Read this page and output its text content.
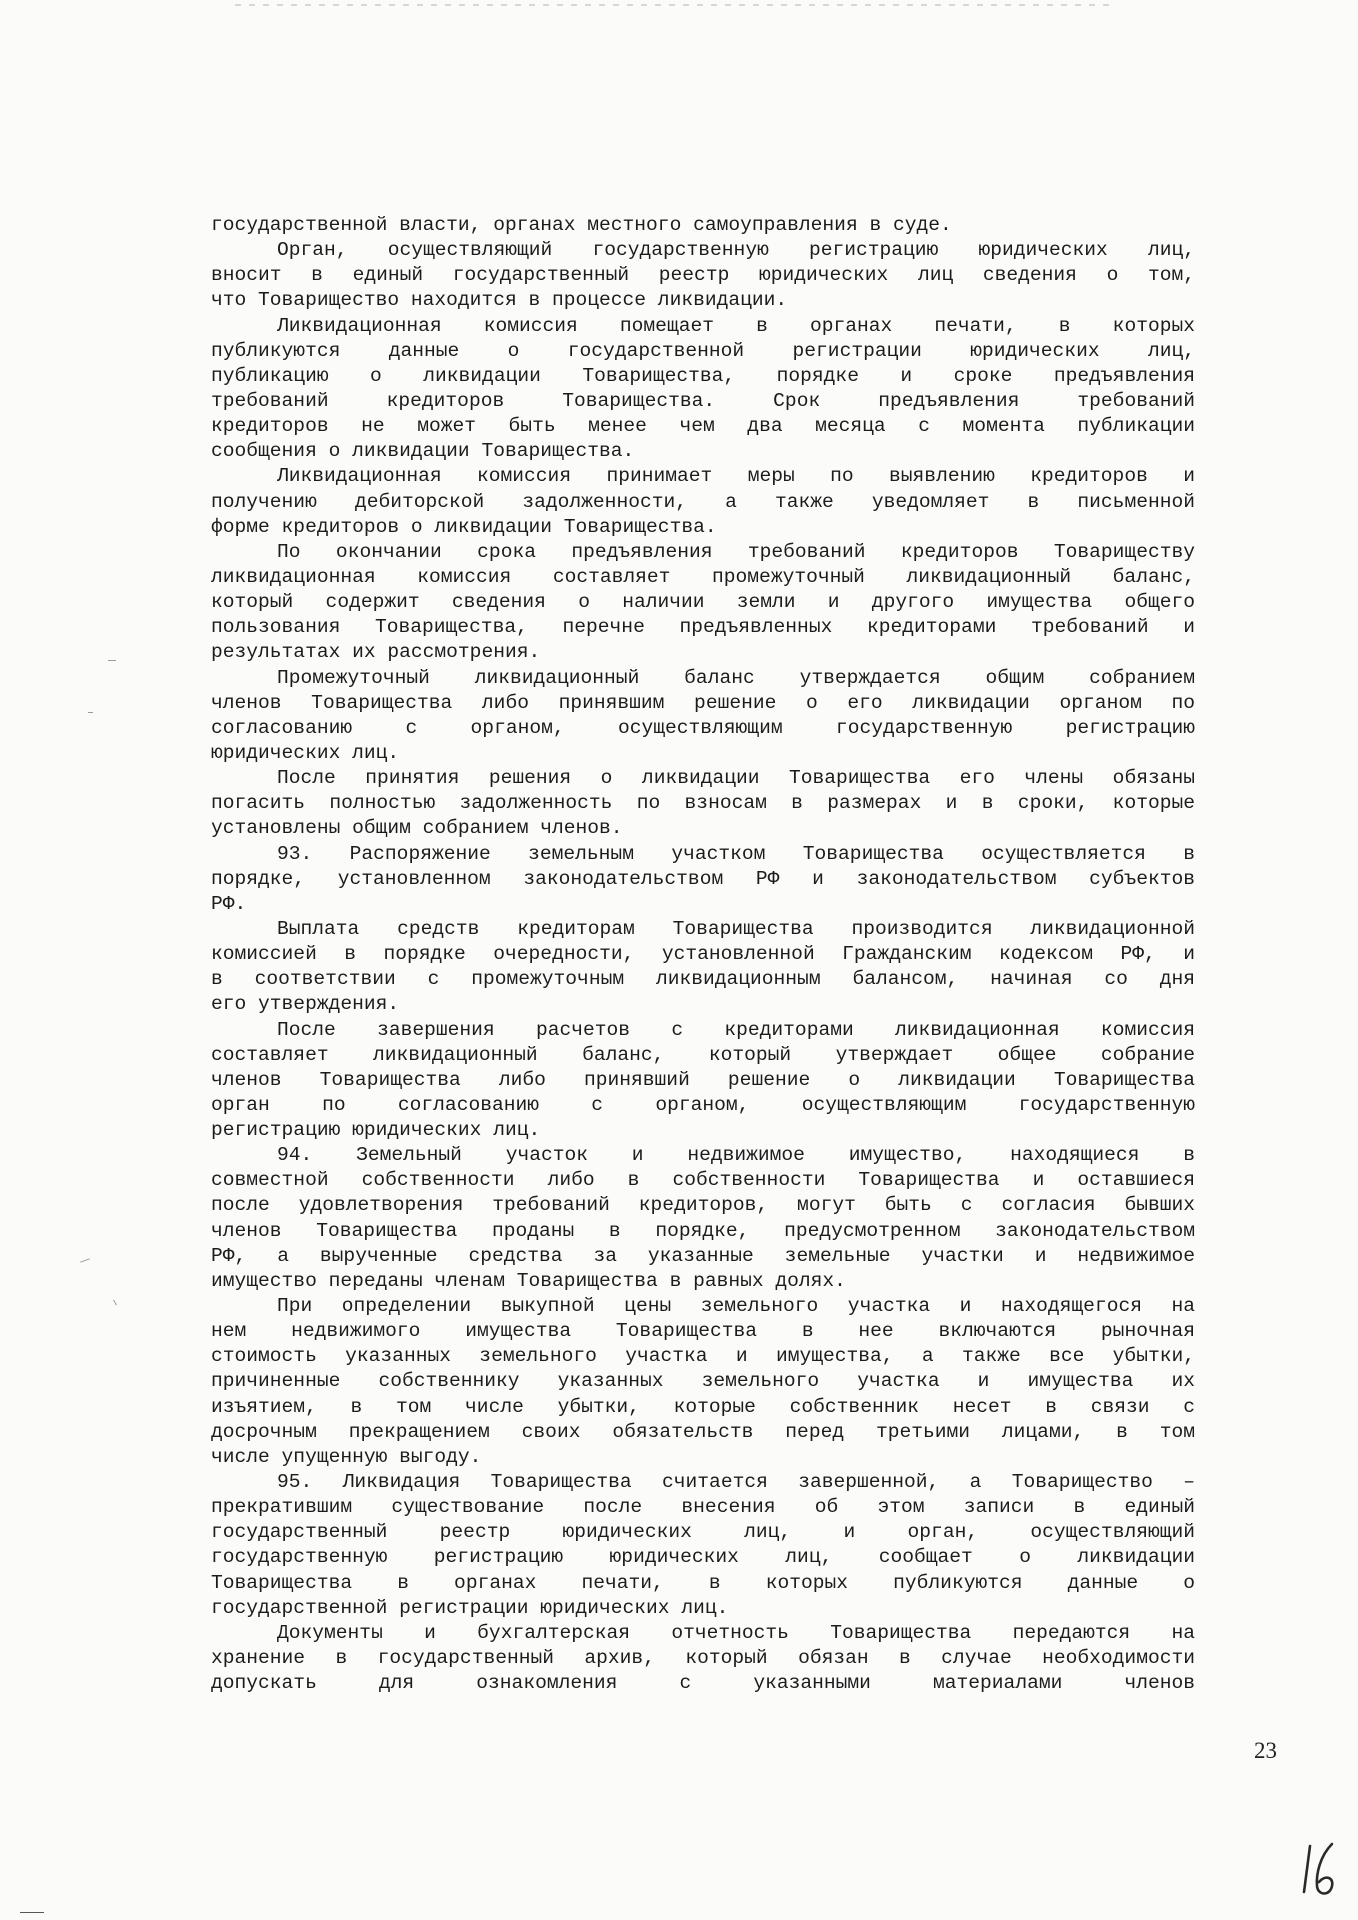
государственной власти, органах местного самоуправления в суде.
Орган, осуществляющий государственную регистрацию юридических лиц,
вносит в единый государственный реестр юридических лиц сведения о том,
что Товарищество находится в процессе ликвидации.
Ликвидационная комиссия помещает в органах печати, в которых
публикуются данные о государственной регистрации юридических лиц,
публикацию о ликвидации Товарищества, порядке и сроке предъявления
требований кредиторов Товарищества. Срок предъявления требований
кредиторов не может быть менее чем два месяца с момента публикации
сообщения о ликвидации Товарищества.
Ликвидационная комиссия принимает меры по выявлению кредиторов и
получению дебиторской задолженности, а также уведомляет в письменной
форме кредиторов о ликвидации Товарищества.
По окончании срока предъявления требований кредиторов Товариществу
ликвидационная комиссия составляет промежуточный ликвидационный баланс,
который содержит сведения о наличии земли и другого имущества общего
пользования Товарищества, перечне предъявленных кредиторами требований и
результатах их рассмотрения.
Промежуточный ликвидационный баланс утверждается общим собранием
членов Товарищества либо принявшим решение о его ликвидации органом по
согласованию с органом, осуществляющим государственную регистрацию
юридических лиц.
После принятия решения о ликвидации Товарищества его члены обязаны
погасить полностью задолженность по взносам в размерах и в сроки, которые
установлены общим собранием членов.
93. Распоряжение земельным участком Товарищества осуществляется в
порядке, установленном законодательством РФ и законодательством субъектов
РФ.
Выплата средств кредиторам Товарищества производится ликвидационной
комиссией в порядке очередности, установленной Гражданским кодексом РФ, и
в соответствии с промежуточным ликвидационным балансом, начиная со дня
его утверждения.
После завершения расчетов с кредиторами ликвидационная комиссия
составляет ликвидационный баланс, который утверждает общее собрание
членов Товарищества либо принявший решение о ликвидации Товарищества
орган по согласованию с органом, осуществляющим государственную
регистрацию юридических лиц.
94. Земельный участок и недвижимое имущество, находящиеся в
совместной собственности либо в собственности Товарищества и оставшиеся
после удовлетворения требований кредиторов, могут быть с согласия бывших
членов Товарищества проданы в порядке, предусмотренном законодательством
РФ, а вырученные средства за указанные земельные участки и недвижимое
имущество переданы членам Товарищества в равных долях.
При определении выкупной цены земельного участка и находящегося на
нем недвижимого имущества Товарищества в нее включаются рыночная
стоимость указанных земельного участка и имущества, а также все убытки,
причиненные собственнику указанных земельного участка и имущества их
изъятием, в том числе убытки, которые собственник несет в связи с
досрочным прекращением своих обязательств перед третьими лицами, в том
числе упущенную выгоду.
95. Ликвидация Товарищества считается завершенной, а Товарищество –
прекратившим существование после внесения об этом записи в единый
государственный реестр юридических лиц, и орган, осуществляющий
государственную регистрацию юридических лиц, сообщает о ликвидации
Товарищества в органах печати, в которых публикуются данные о
государственной регистрации юридических лиц.
Документы и бухгалтерская отчетность Товарищества передаются на
хранение в государственный архив, который обязан в случае необходимости
допускать для ознакомления с указанными материалами членов
23
